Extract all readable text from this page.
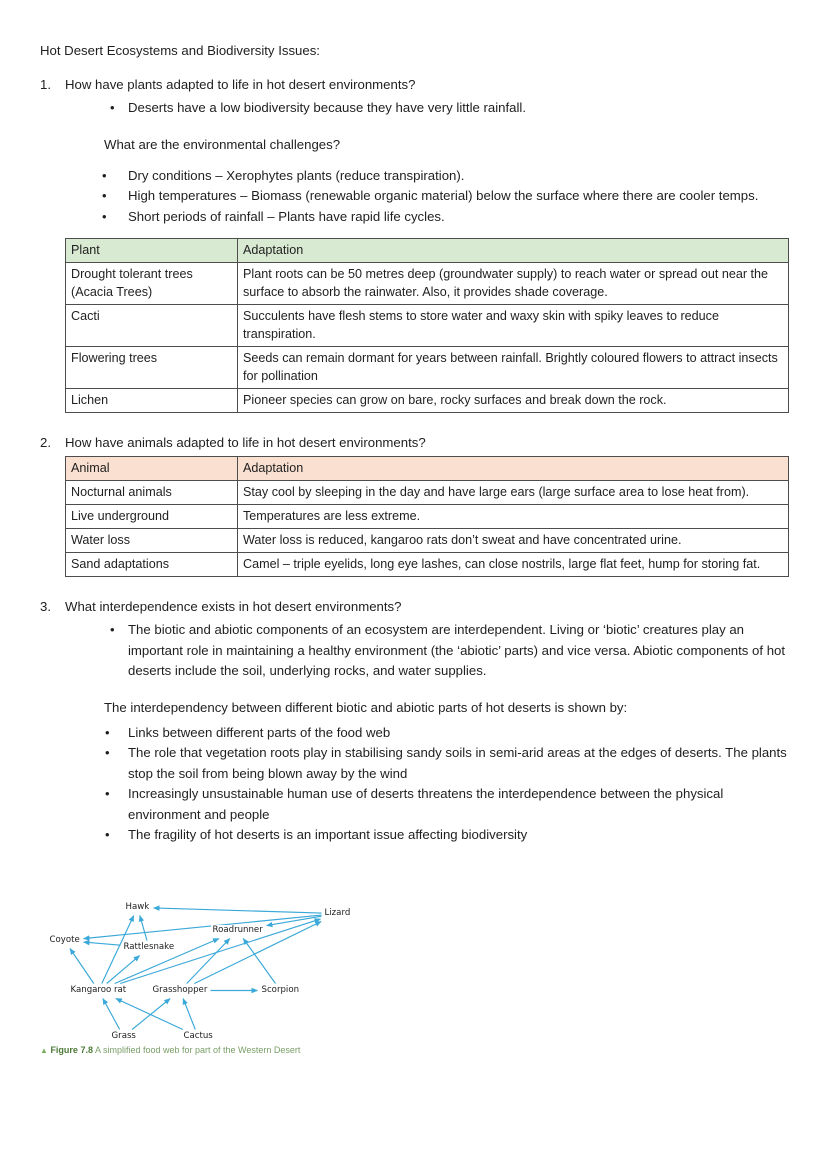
Hot Desert Ecosystems and Biodiversity Issues:
1.	How have plants adapted to life in hot desert environments?
•	Deserts have a low biodiversity because they have very little rainfall.
What are the environmental challenges?
•	Dry conditions – Xerophytes plants (reduce transpiration).
•	High temperatures – Biomass (renewable organic material) below the surface where there are cooler temps.
•	Short periods of rainfall – Plants have rapid life cycles.
Plant	Adaptation
Drought tolerant trees (Acacia Trees)	Plant roots can be 50 metres deep (groundwater supply) to reach water or spread out near the surface to absorb the rainwater. Also, it provides shade coverage.
Cacti	Succulents have flesh stems to store water and waxy skin with spiky leaves to reduce transpiration.
Flowering trees	Seeds can remain dormant for years between rainfall. Brightly coloured flowers to attract insects for pollination
Lichen	Pioneer species can grow on bare, rocky surfaces and break down the rock.
2.	How have animals adapted to life in hot desert environments?
Animal	Adaptation
Nocturnal animals	Stay cool by sleeping in the day and have large ears (large surface area to lose heat from).
Live underground	Temperatures are less extreme.
Water loss	Water loss is reduced, kangaroo rats don’t sweat and have concentrated urine.
Sand adaptations	Camel – triple eyelids, long eye lashes, can close nostrils, large flat feet, hump for storing fat.
3.	What interdependence exists in hot desert environments?
•	The biotic and abiotic components of an ecosystem are interdependent. Living or ‘biotic’ creatures play an important role in maintaining a healthy environment (the ‘abiotic’ parts) and vice versa. Abiotic components of hot deserts include the soil, underlying rocks, and water supplies.
The interdependency between different biotic and abiotic parts of hot deserts is shown by:
•	Links between different parts of the food web
•	The role that vegetation roots play in stabilising sandy soils in semi-arid areas at the edges of deserts. The plants stop the soil from being blown away by the wind
•	Increasingly unsustainable human use of deserts threatens the interdependence between the physical environment and people
•	The fragility of hot deserts is an important issue affecting biodiversity
Hawk
Lizard
Coyote
Roadrunner
Rattlesnake
Kangaroo rat	Grasshopper	Scorpion
Grass	Cactus
▲ Figure 7.8 A simplified food web for part of the Western Desert
